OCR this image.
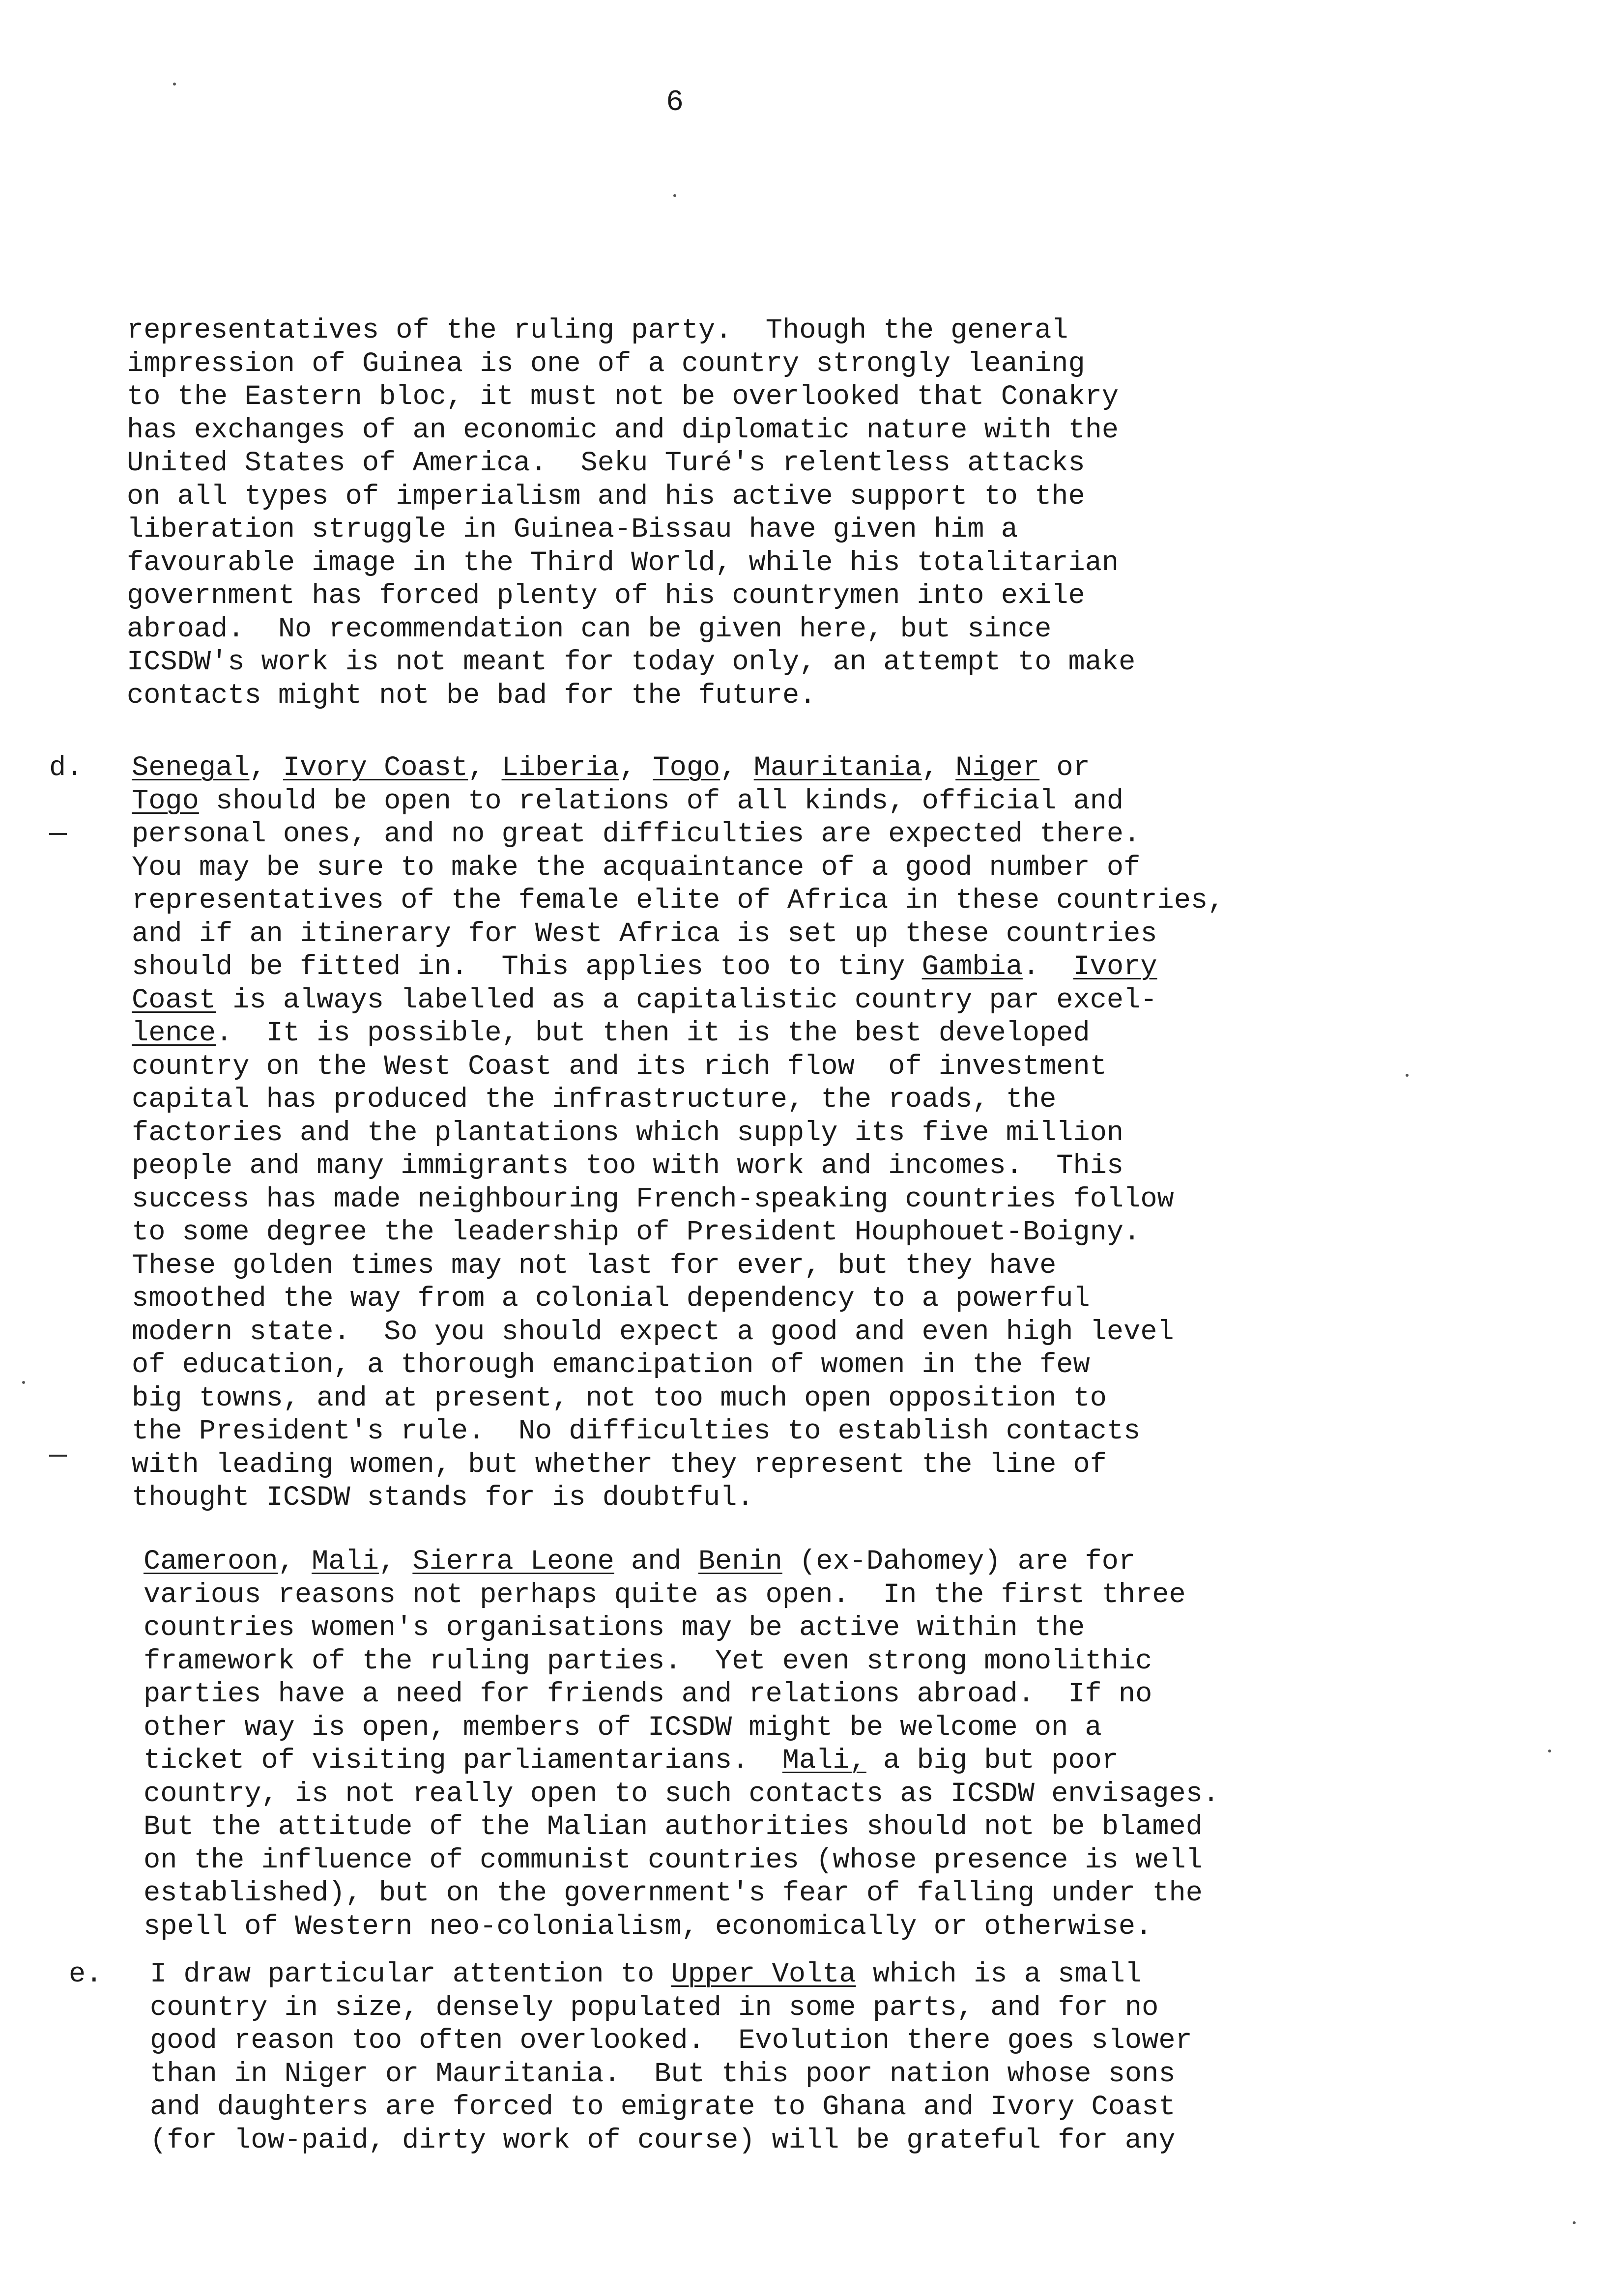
6
representatives of the ruling party.  Though the general
impression of Guinea is one of a country strongly leaning
to the Eastern bloc, it must not be overlooked that Conakry
has exchanges of an economic and diplomatic nature with the
United States of America.  Seku Turé's relentless attacks
on all types of imperialism and his active support to the
liberation struggle in Guinea-Bissau have given him a
favourable image in the Third World, while his totalitarian
government has forced plenty of his countrymen into exile
abroad.  No recommendation can be given here, but since
ICSDW's work is not meant for today only, an attempt to make
contacts might not be bad for the future.
d. Senegal, Ivory Coast, Liberia, Togo, Mauritania, Niger or
Togo should be open to relations of all kinds, official and
personal ones, and no great difficulties are expected there.
You may be sure to make the acquaintance of a good number of
representatives of the female elite of Africa in these countries,
and if an itinerary for West Africa is set up these countries
should be fitted in.  This applies too to tiny Gambia.  Ivory
Coast is always labelled as a capitalistic country par excel-
lence.  It is possible, but then it is the best developed
country on the West Coast and its rich flow  of investment
capital has produced the infrastructure, the roads, the
factories and the plantations which supply its five million
people and many immigrants too with work and incomes.  This
success has made neighbouring French-speaking countries follow
to some degree the leadership of President Houphouet-Boigny.
These golden times may not last for ever, but they have
smoothed the way from a colonial dependency to a powerful
modern state.  So you should expect a good and even high level
of education, a thorough emancipation of women in the few
big towns, and at present, not too much open opposition to
the President's rule.  No difficulties to establish contacts
with leading women, but whether they represent the line of
thought ICSDW stands for is doubtful.
Cameroon, Mali, Sierra Leone and Benin (ex-Dahomey) are for
various reasons not perhaps quite as open.  In the first three
countries women's organisations may be active within the
framework of the ruling parties.  Yet even strong monolithic
parties have a need for friends and relations abroad.  If no
other way is open, members of ICSDW might be welcome on a
ticket of visiting parliamentarians.  Mali, a big but poor
country, is not really open to such contacts as ICSDW envisages.
But the attitude of the Malian authorities should not be blamed
on the influence of communist countries (whose presence is well
established), but on the government's fear of falling under the
spell of Western neo-colonialism, economically or otherwise.
e. I draw particular attention to Upper Volta which is a small
country in size, densely populated in some parts, and for no
good reason too often overlooked.  Evolution there goes slower
than in Niger or Mauritania.  But this poor nation whose sons
and daughters are forced to emigrate to Ghana and Ivory Coast
(for low-paid, dirty work of course) will be grateful for any
